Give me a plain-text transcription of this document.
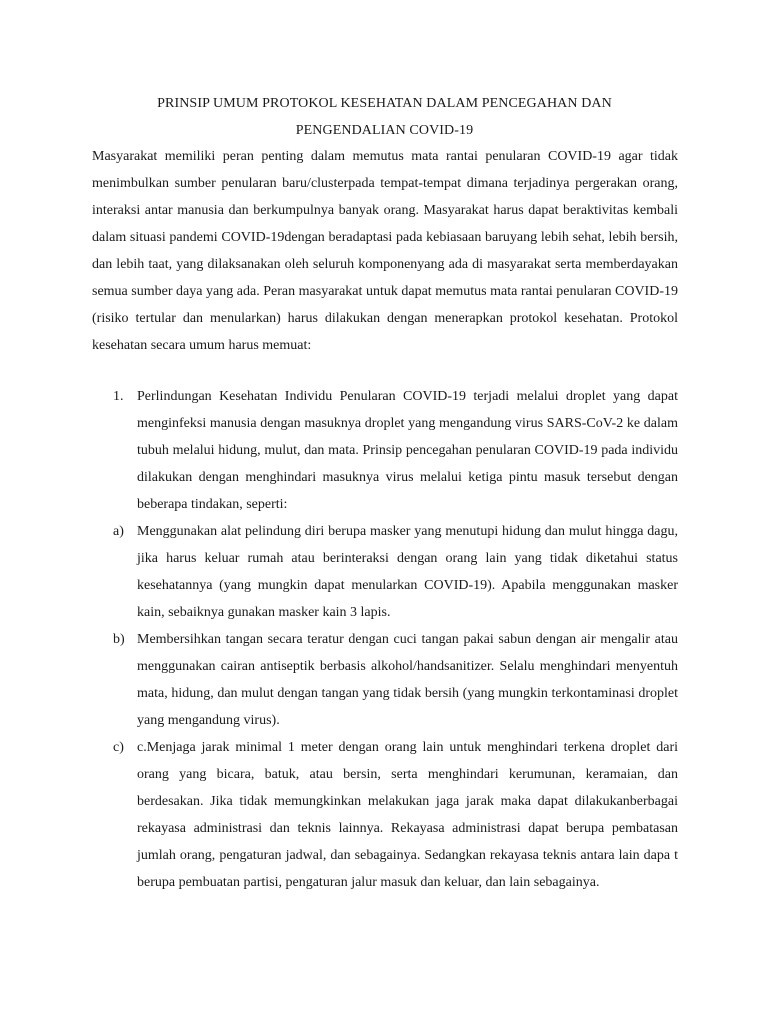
PRINSIP UMUM PROTOKOL KESEHATAN DALAM PENCEGAHAN DAN
PENGENDALIAN COVID-19
Masyarakat memiliki peran penting dalam memutus mata rantai penularan COVID-19 agar tidak menimbulkan sumber penularan baru/clusterpada tempat-tempat dimana terjadinya pergerakan orang, interaksi antar manusia dan berkumpulnya banyak orang. Masyarakat harus dapat beraktivitas kembali dalam situasi pandemi COVID-19dengan beradaptasi pada kebiasaan baruyang lebih sehat, lebih bersih, dan lebih taat, yang dilaksanakan oleh seluruh komponenyang ada di masyarakat serta memberdayakan semua sumber daya yang ada. Peran masyarakat untuk dapat memutus mata rantai penularan COVID-19 (risiko tertular dan menularkan) harus dilakukan dengan menerapkan protokol kesehatan. Protokol kesehatan secara umum harus memuat:
1. Perlindungan Kesehatan Individu Penularan COVID-19 terjadi melalui droplet yang dapat menginfeksi manusia dengan masuknya droplet yang mengandung virus SARS-CoV-2 ke dalam tubuh melalui hidung, mulut, dan mata. Prinsip pencegahan penularan COVID-19 pada individu dilakukan dengan menghindari masuknya virus melalui ketiga pintu masuk tersebut dengan beberapa tindakan, seperti:
a) Menggunakan alat pelindung diri berupa masker yang menutupi hidung dan mulut hingga dagu, jika harus keluar rumah atau berinteraksi dengan orang lain yang tidak diketahui status kesehatannya (yang mungkin dapat menularkan COVID-19). Apabila menggunakan masker kain, sebaiknya gunakan masker kain 3 lapis.
b) Membersihkan tangan secara teratur dengan cuci tangan pakai sabun dengan air mengalir atau menggunakan cairan antiseptik berbasis alkohol/handsanitizer. Selalu menghindari menyentuh mata, hidung, dan mulut dengan tangan yang tidak bersih (yang mungkin terkontaminasi droplet yang mengandung virus).
c) c.Menjaga jarak minimal 1 meter dengan orang lain untuk menghindari terkena droplet dari orang yang bicara, batuk, atau bersin, serta menghindari kerumunan, keramaian, dan berdesakan. Jika tidak memungkinkan melakukan jaga jarak maka dapat dilakukanberbagai rekayasa administrasi dan teknis lainnya. Rekayasa administrasi dapat berupa pembatasan jumlah orang, pengaturan jadwal, dan sebagainya. Sedangkan rekayasa teknis antara lain dapa t berupa pembuatan partisi, pengaturan jalur masuk dan keluar, dan lain sebagainya.
